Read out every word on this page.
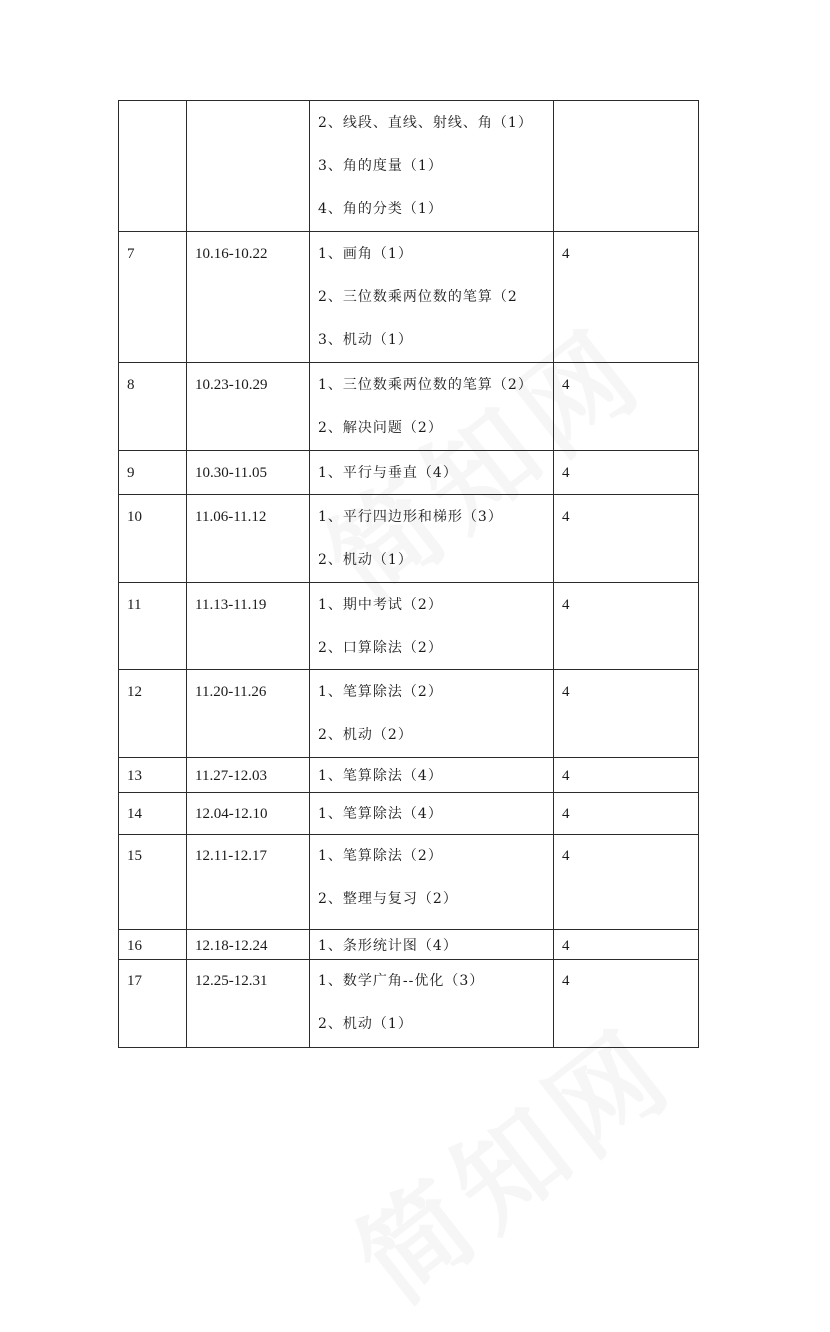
		2、线段、直线、射线、角（1）
3、角的度量（1）
4、角的分类（1）	

7	10.16-10.22	1、画角（1）
2、三位数乘两位数的笔算（2
3、机动（1）	4

8	10.23-10.29	1、三位数乘两位数的笔算（2）
2、解决问题（2）	4

9	10.30-11.05	1、平行与垂直（4）	4

10	11.06-11.12	1、平行四边形和梯形（3）
2、机动（1）	4

11	11.13-11.19	1、期中考试（2）
2、口算除法（2）	4

12	11.20-11.26	1、笔算除法（2）
2、机动（2）	4

13	11.27-12.03	1、笔算除法（4）	4

14	12.04-12.10	1、笔算除法（4）	4

15	12.11-12.17	1、笔算除法（2）
2、整理与复习（2）	4

16	12.18-12.24	1、条形统计图（4）	4

17	12.25-12.31	1、数学广角--优化（3）
2、机动（1）	4
